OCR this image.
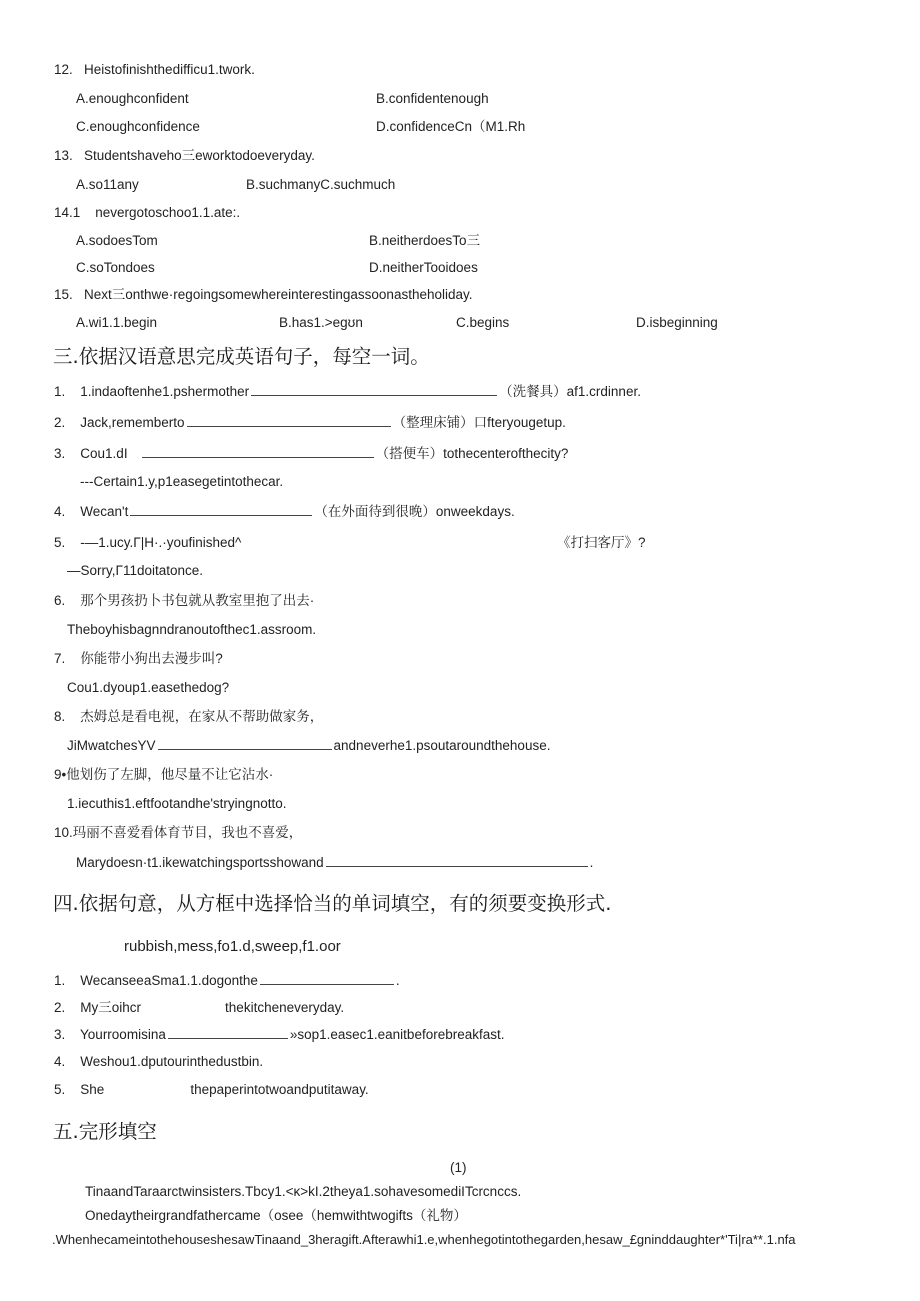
12.   Heistofinishthedifficu1.twork.
A.enoughconfident	B.confidentenough
C.enoughconfidence	D.confidenceCn（M1.Rh
13.   Studentshaveho三eworktodoeveryday.
A.so11any	B.suchmanyC.suchmuch
14.1    nevergotoschoo1.1.ate:.
A.sodoesTom	B.neitherdoesTo三
C.soTondoes	D.neitherTooidoes
15.   Next三onthwe·regoingsomewhereinterestingassoonastheholiday.
A.wi1.1.begin	B.has1.>egʊn	C.begins	D.isbeginning
三.依据汉语意思完成英语句子，每空一词。
1. 1.indaoftenhe1.pshermother	（洗餐具）af1.crdinner.
2. Jack,rememberto	（整理床铺）口fteryougetup.
3. Cou1.dI	（搭便车）tothecenterofthecity?
---Certain1.y,p1easegetintothecar.
4. Wecan't	（在外面待到很晚）onweekdays.
5. -—1.ucy.Γ|H·.·youfinished^	《打扫客厅》?
—Sorry,Γ11doitatonce.
6. 那个男孩扔卜书包就从教室里抱了出去·
Theboyhisbagnndranoutofthec1.assroom.
7. 你能带小狗出去漫步叫?
Cou1.dyoup1.easethedog?
8. 杰姆总是看电视，在家从不帮助做家务，
JiMwatchesYV	andneverhe1.psoutaroundthehouse.
9•他划伤了左脚，他尽量不让它沾水·
1.iecuthis1.eftfootandhe'stryingnotto.
10.玛丽不喜爱看体育节目，我也不喜爱，
Marydoesn·t1.ikewatchingsportsshowand	.
四.依据句意，从方框中选择恰当的单词填空，有的须要变换形式.
rubbish,mess,fo1.d,sweep,f1.oor
1. WecanseeaSma1.1.dogonthe	.
2. My三oihcr	thekitcheneveryday.
3. Yourroomisina	»sop1.easec1.eanitbeforebreakfast.
4. Weshou1.dputourinthedustbin.
5. She	thepaperintotwoandputitaway.
五.完形填空
(1)
TinaandTaraarctwinsisters.Tbcy1.<κ>kI.2theya1.sohavesomediITcrcnccs.
Onedaytheirgrandfathercame（osee（hemwithtwogifts（礼物）
.WhenhecameintothehouseshesawTinaand_3heragift.Afterawhi1.e,whenhegotintothegarden,hesaw_£gninddaughter*'Ti|ra**.1.nfa
